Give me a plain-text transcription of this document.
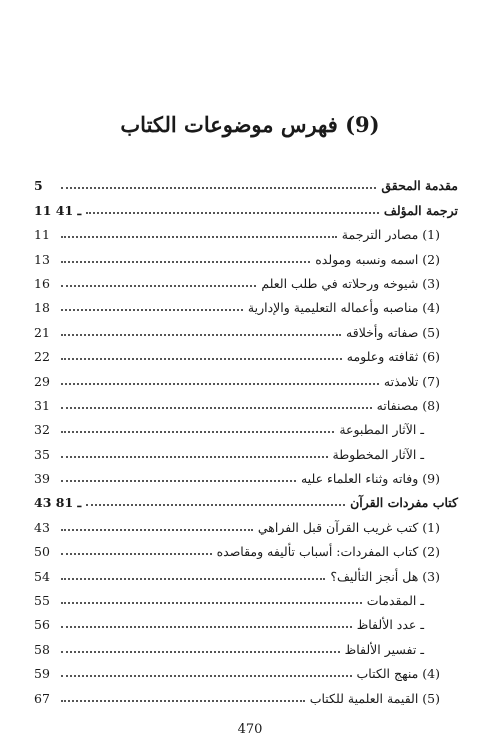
(9) فهرس موضوعات الكتاب
مقدمة المحقق
5
ترجمة المؤلف
11 ـ 41
(1) مصادر الترجمة
11
(2) اسمه ونسبه ومولده
13
(3) شيوخه ورحلاته في طلب العلم
16
(4) مناصبه وأعماله التعليمية والإدارية
18
(5) صفاته وأخلاقه
21
(6) ثقافته وعلومه
22
(7) تلامذته
29
(8) مصنفاته
31
ـ الآثار المطبوعة
32
ـ الآثار المخطوطة
35
(9) وفاته وثناء العلماء عليه
39
كتاب مفردات القرآن
43 ـ 81
(1) كتب غريب القرآن قبل الفراهي
43
(2) كتاب المفردات: أسباب تأليفه ومقاصده
50
(3) هل أنجز التأليف؟
54
ـ المقدمات
55
ـ عدد الألفاظ
56
ـ تفسير الألفاظ
58
(4) منهج الكتاب
59
(5) القيمة العلمية للكتاب
67
470
